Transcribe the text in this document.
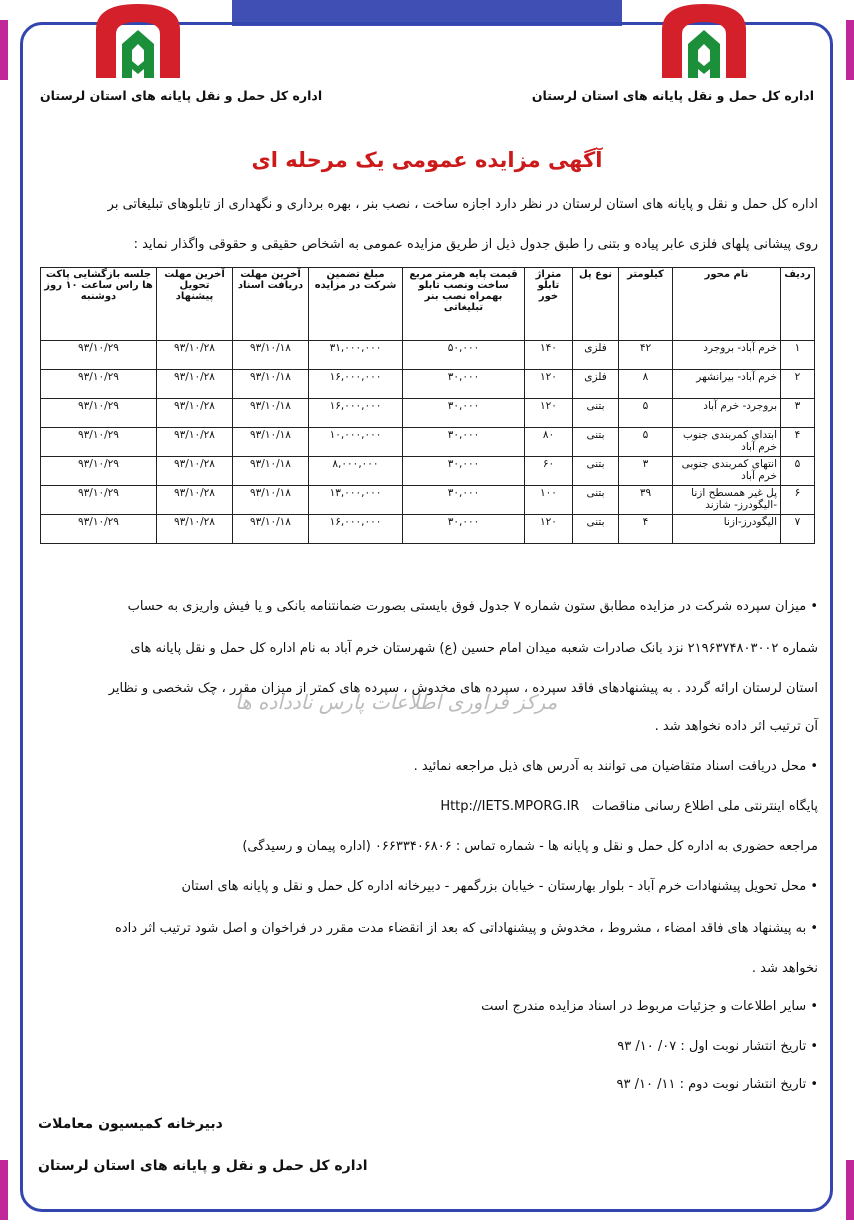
اداره کل حمل و نقل پایانه های استان لرستان
اداره کل حمل و نقل پایانه های استان لرستان
آگهی مزایده عمومی یک مرحله ای
اداره کل حمل و نقل و پایانه های استان لرستان در نظر دارد اجازه ساخت ، نصب بنر ، بهره برداری و نگهداری از تابلوهای تبلیغاتی بر
روی پیشانی پلهای فلزی عابر پیاده و بتنی را طبق جدول ذیل از طریق مزایده عمومی به اشخاص حقیقی و حقوقی واگذار نماید :
ردیف	نام محور	کیلومتر	نوع پل	متراژ تابلو خور	قیمت پایه هرمتر مربع ساخت ونصب تابلو بهمراه نصب بنر تبلیغاتی	مبلغ تضمین شرکت در مزایده	آخرین مهلت دریافت اسناد	آخرین مهلت تحویل پیشنهاد	جلسه بازگشایی پاکت ها راس ساعت ۱۰ روز دوشنبه
۱	خرم آباد- بروجرد	۴۲	فلزی	۱۴۰	۵۰,۰۰۰	۳۱,۰۰۰,۰۰۰	۹۳/۱۰/۱۸	۹۳/۱۰/۲۸	۹۳/۱۰/۲۹
۲	خرم آباد- بیرانشهر	۸	فلزی	۱۲۰	۳۰,۰۰۰	۱۶,۰۰۰,۰۰۰	۹۳/۱۰/۱۸	۹۳/۱۰/۲۸	۹۳/۱۰/۲۹
۳	بروجرد- خرم آباد	۵	بتنی	۱۲۰	۳۰,۰۰۰	۱۶,۰۰۰,۰۰۰	۹۳/۱۰/۱۸	۹۳/۱۰/۲۸	۹۳/۱۰/۲۹
۴	ابتدای کمربندی جنوب خرم آباد	۵	بتنی	۸۰	۳۰,۰۰۰	۱۰,۰۰۰,۰۰۰	۹۳/۱۰/۱۸	۹۳/۱۰/۲۸	۹۳/۱۰/۲۹
۵	انتهای کمربندی جنوبی خرم آباد	۳	بتنی	۶۰	۳۰,۰۰۰	۸,۰۰۰,۰۰۰	۹۳/۱۰/۱۸	۹۳/۱۰/۲۸	۹۳/۱۰/۲۹
۶	پل غیر همسطح ازنا -الیگودرز- شازند	۳۹	بتنی	۱۰۰	۳۰,۰۰۰	۱۳,۰۰۰,۰۰۰	۹۳/۱۰/۱۸	۹۳/۱۰/۲۸	۹۳/۱۰/۲۹
۷	الیگودرز-ازنا	۴	بتنی	۱۲۰	۳۰,۰۰۰	۱۶,۰۰۰,۰۰۰	۹۳/۱۰/۱۸	۹۳/۱۰/۲۸	۹۳/۱۰/۲۹
• میزان سپرده شرکت در مزایده مطابق ستون شماره ۷ جدول فوق بایستی بصورت ضمانتنامه بانکی و یا فیش واریزی به حساب
شماره ۲۱۹۶۳۷۴۸۰۳۰۰۲ نزد بانک صادرات شعبه میدان امام حسین (ع) شهرستان خرم آباد به نام اداره کل حمل و نقل پایانه های
استان لرستان ارائه گردد . به پیشنهادهای فاقد سپرده ، سپرده های مخدوش ، سپرده های کمتر از میزان مقرر ، چک شخصی و نظایر
آن ترتیب اثر داده نخواهد شد .
مرکز فرآوری اطلاعات پارس نادداده ها
• محل دریافت اسناد متقاضیان می توانند به آدرس های ذیل مراجعه نمائید .
پایگاه اینترنتی ملی اطلاع رسانی مناقصات   Http://IETS.MPORG.IR
مراجعه حضوری به اداره کل حمل و نقل و پایانه ها - شماره تماس : ۰۶۶۳۳۴۰۶۸۰۶ (اداره پیمان و رسیدگی)
• محل تحویل پیشنهادات خرم آباد - بلوار بهارستان - خیابان بزرگمهر - دبیرخانه اداره کل حمل و نقل و پایانه های استان
• به پیشنهاد های فاقد امضاء ، مشروط ، مخدوش و پیشنهاداتی که بعد از انقضاء مدت مقرر در فراخوان و اصل شود ترتیب اثر داده
نخواهد شد .
• سایر اطلاعات و جزئیات مربوط در اسناد مزایده مندرج است
• تاریخ انتشار نوبت اول : ۰۷/ ۱۰/ ۹۳
• تاریخ انتشار نوبت دوم : ۱۱/ ۱۰/ ۹۳
دبیرخانه کمیسیون معاملات
اداره کل حمل و نقل و پایانه های استان لرستان
